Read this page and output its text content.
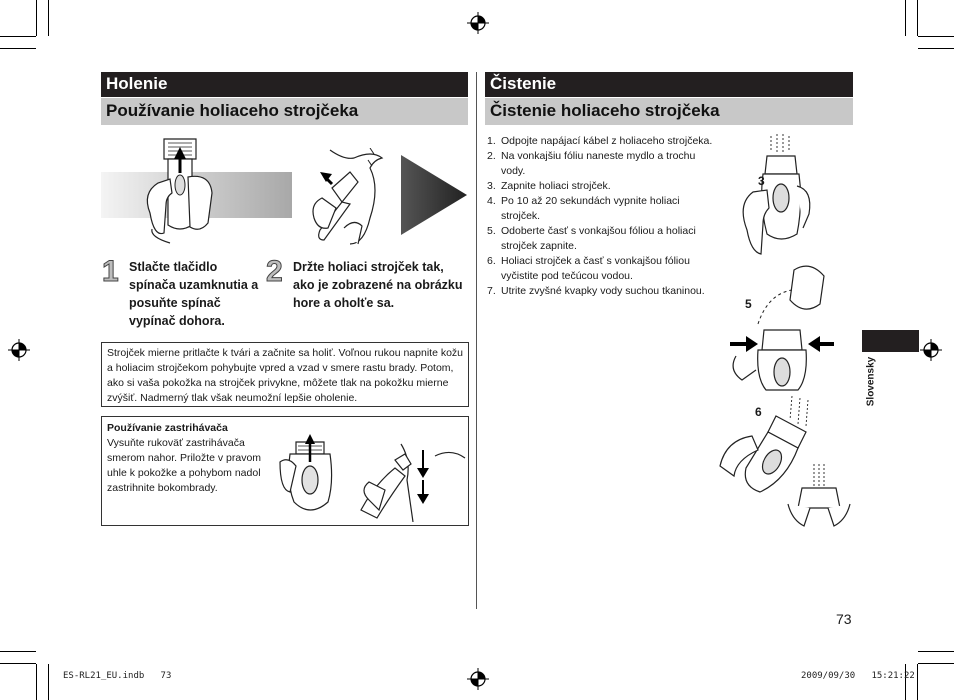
Holenie
Používanie holiaceho strojčeka
1 Stlačte tlačidlo spínača uzamknutia a posuňte spínač vypínač dohora.
2 Držte holiaci strojček tak, ako je zobrazené na obrázku hore a oholťe sa.
Strojček mierne pritlačte k tvári a začnite sa holiť. Voľnou rukou napnite kožu a holiacim strojčekom pohybujte vpred a vzad v smere rastu brady. Potom, ako si vaša pokožka na strojček privykne, môžete tlak na pokožku mierne zvýšiť. Nadmerný tlak však neumožní lepšie oholenie.
Používanie zastrihávača
Vysuňte rukoväť zastrihávača smerom nahor. Priložte v pravom uhle k pokožke a pohybom nadol zastrihnite bokombrady.
Čistenie
Čistenie holiaceho strojčeka
1. Odpojte napájací kábel z holiaceho strojčeka.
2. Na vonkajšiu fóliu naneste mydlo a trochu vody.
3. Zapnite holiaci strojček.
4. Po 10 až 20 sekundách vypnite holiaci strojček.
5. Odoberte časť s vonkajšou fóliou a holiaci strojček zapnite.
6. Holiaci strojček a časť s vonkajšou fóliou vyčistite pod tečúcou vodou.
7. Utrite zvyšné kvapky vody suchou tkaninou.
3
5
6
Slovensky
73
ES-RL21_EU.indb   73	2009/09/30   15:21:22
